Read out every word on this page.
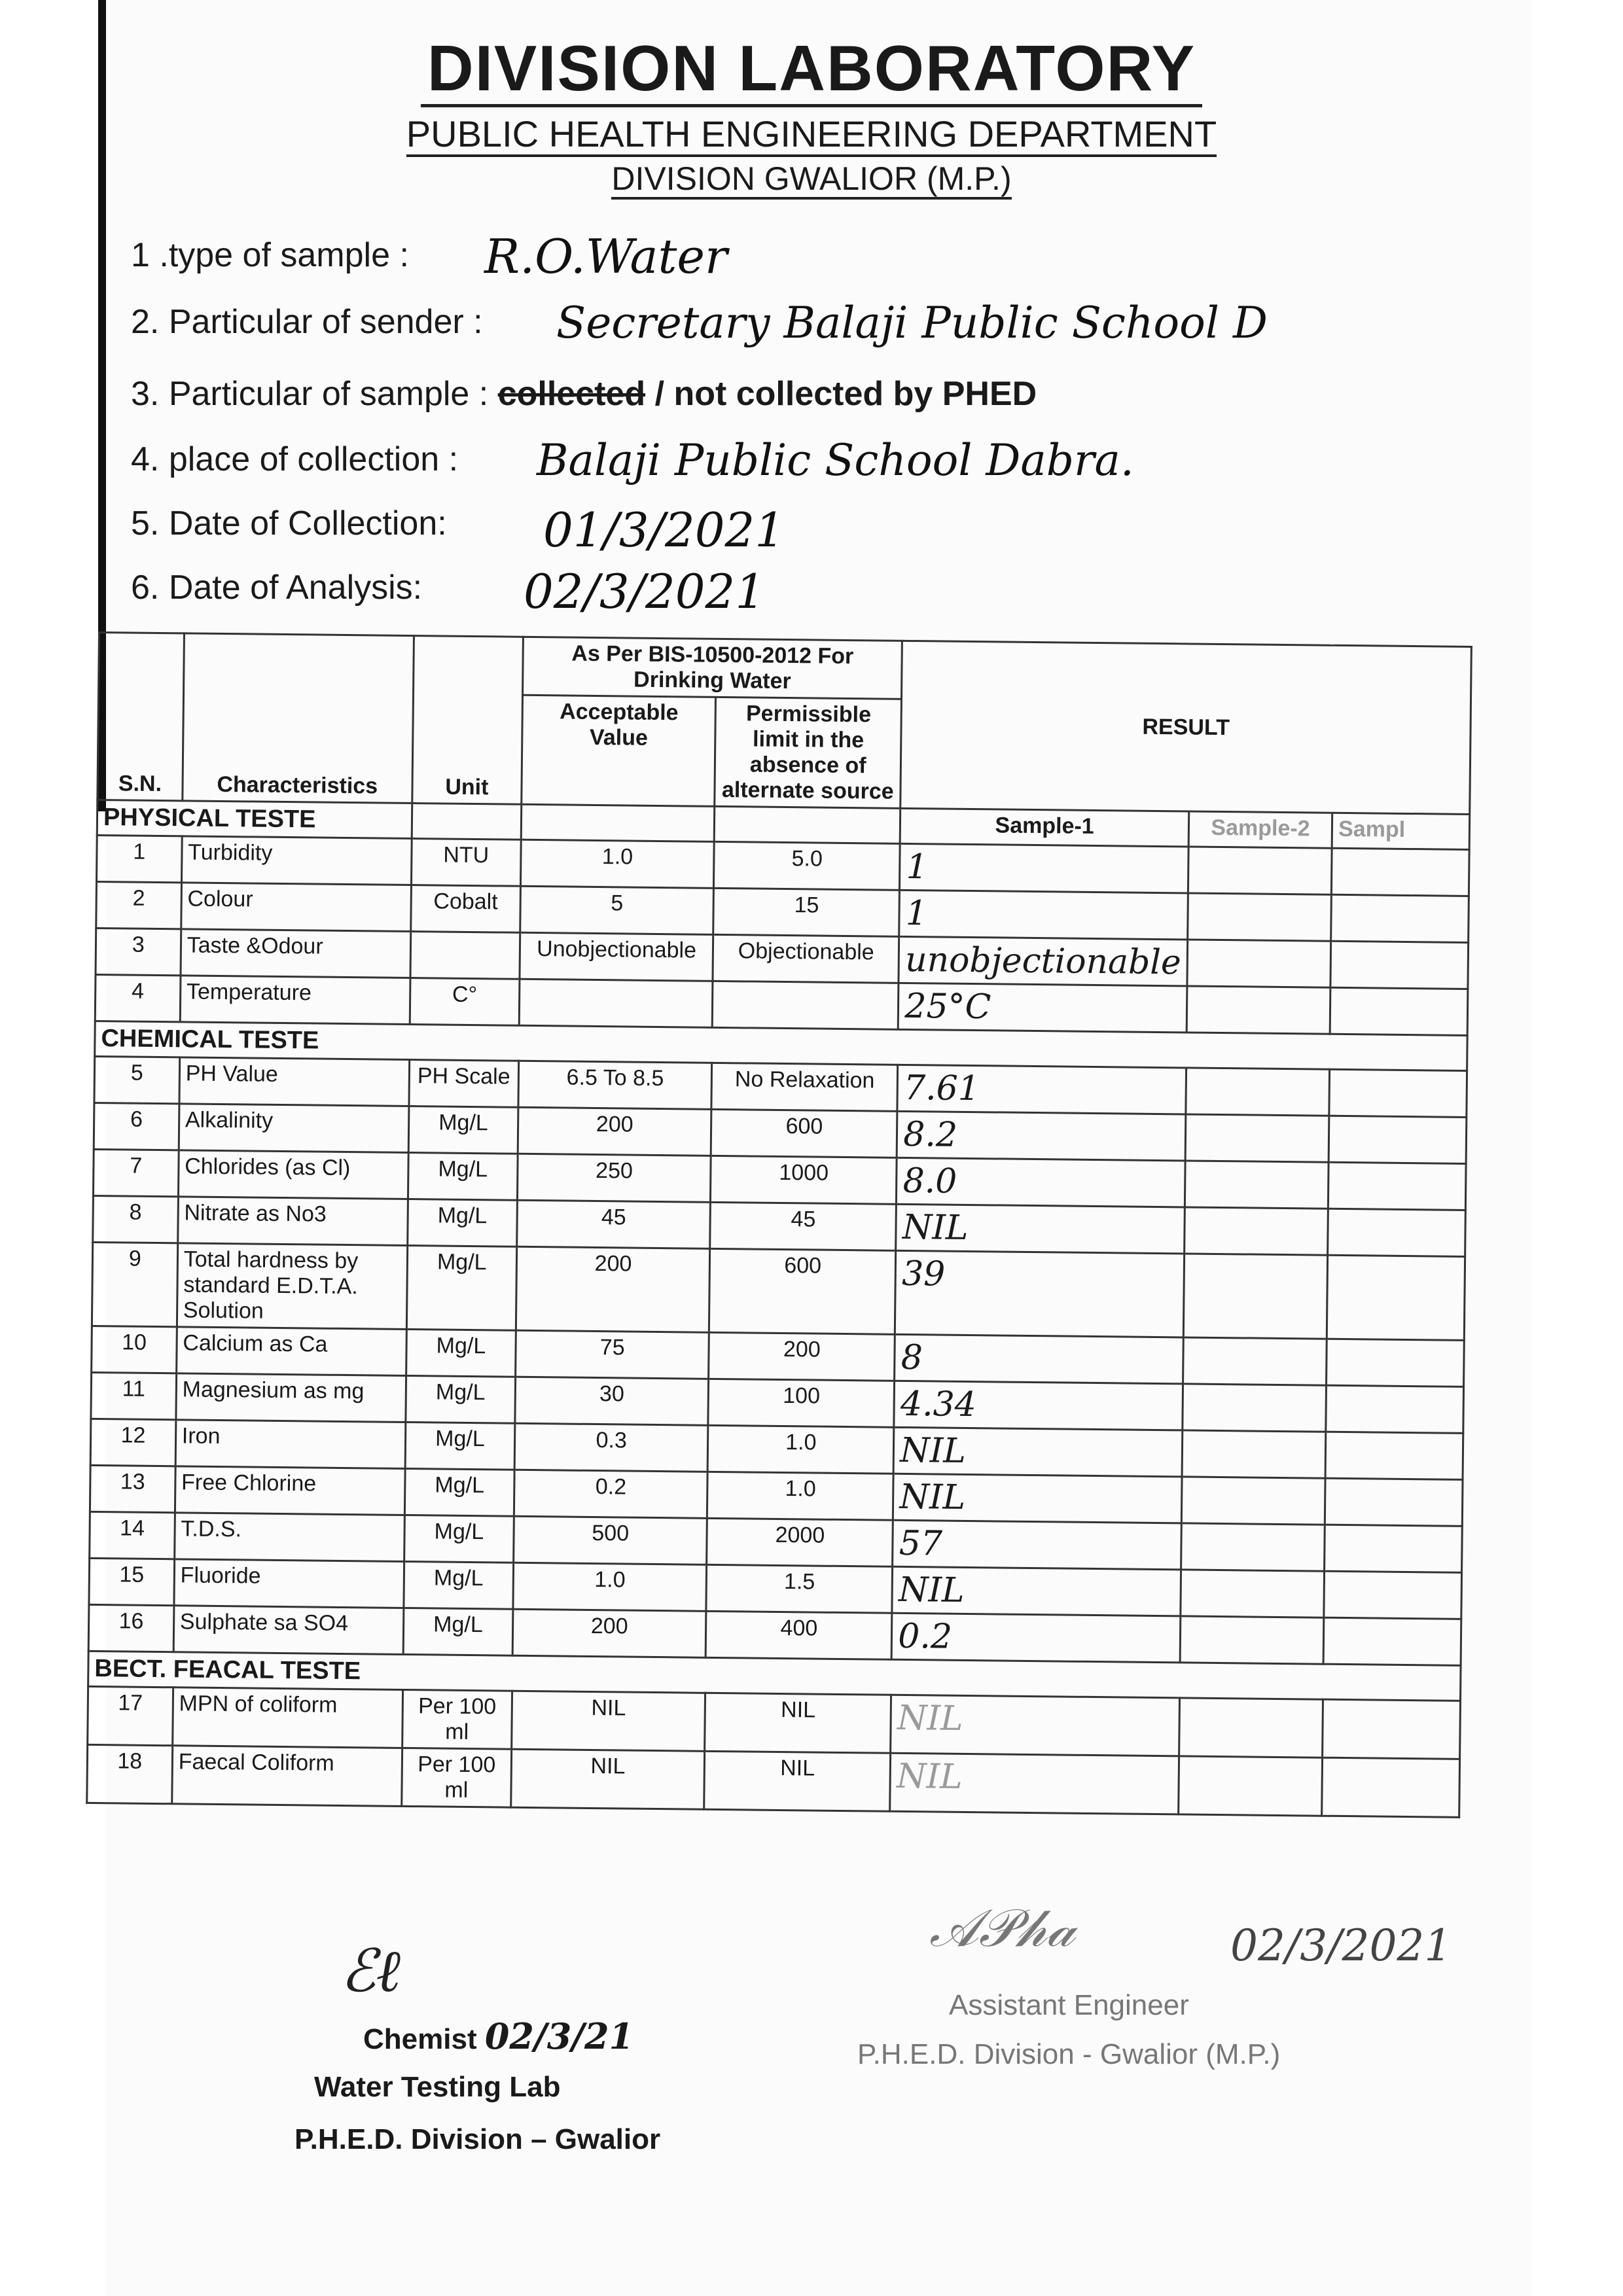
DIVISION LABORATORY
PUBLIC HEALTH ENGINEERING DEPARTMENT
DIVISION GWALIOR (M.P.)
1 .type of sample : R.O.Water
2. Particular of sender : Secretary Balaji Public School D
3. Particular of sample : collected / not collected by PHED
4. place of collection : Balaji Public School Dabra.
5. Date of Collection: 01/3/2021
6. Date of Analysis: 02/3/2021
S.N.	Characteristics	Unit	As Per BIS-10500-2012 For Drinking Water		RESULT		
			Acceptable Value	Permissible limit in the absence of alternate source			
PHYSICAL TESTE					Sample-1	Sample-2	Sampl
1	Turbidity	NTU	1.0	5.0	1		
2	Colour	Cobalt	5	15	1		
3	Taste &Odour		Unobjectionable	Objectionable	unobjectionable		
4	Temperature	C°			25°C		
CHEMICAL TESTE							
5	PH Value	PH Scale	6.5 To 8.5	No Relaxation	7.61		
6	Alkalinity	Mg/L	200	600	8.2		
7	Chlorides (as Cl)	Mg/L	250	1000	8.0		
8	Nitrate as No3	Mg/L	45	45	NIL		
9	Total hardness by standard E.D.T.A. Solution	Mg/L	200	600	39		
10	Calcium as Ca	Mg/L	75	200	8		
11	Magnesium as mg	Mg/L	30	100	4.34		
12	Iron	Mg/L	0.3	1.0	NIL		
13	Free Chlorine	Mg/L	0.2	1.0	NIL		
14	T.D.S.	Mg/L	500	2000	57		
15	Fluoride	Mg/L	1.0	1.5	NIL		
16	Sulphate sa SO4	Mg/L	200	400	0.2		
BECT. FEACAL TESTE							
17	MPN of coliform	Per 100 ml	NIL	NIL	NIL		
18	Faecal Coliform	Per 100 ml	NIL	NIL	NIL		
ℰℓ
Chemist 02/3/21
Water Testing Lab
P.H.E.D. Division – Gwalior
𝒜𝒫𝒽𝒶	02/3/2021
Assistant Engineer
P.H.E.D. Division - Gwalior (M.P.)
